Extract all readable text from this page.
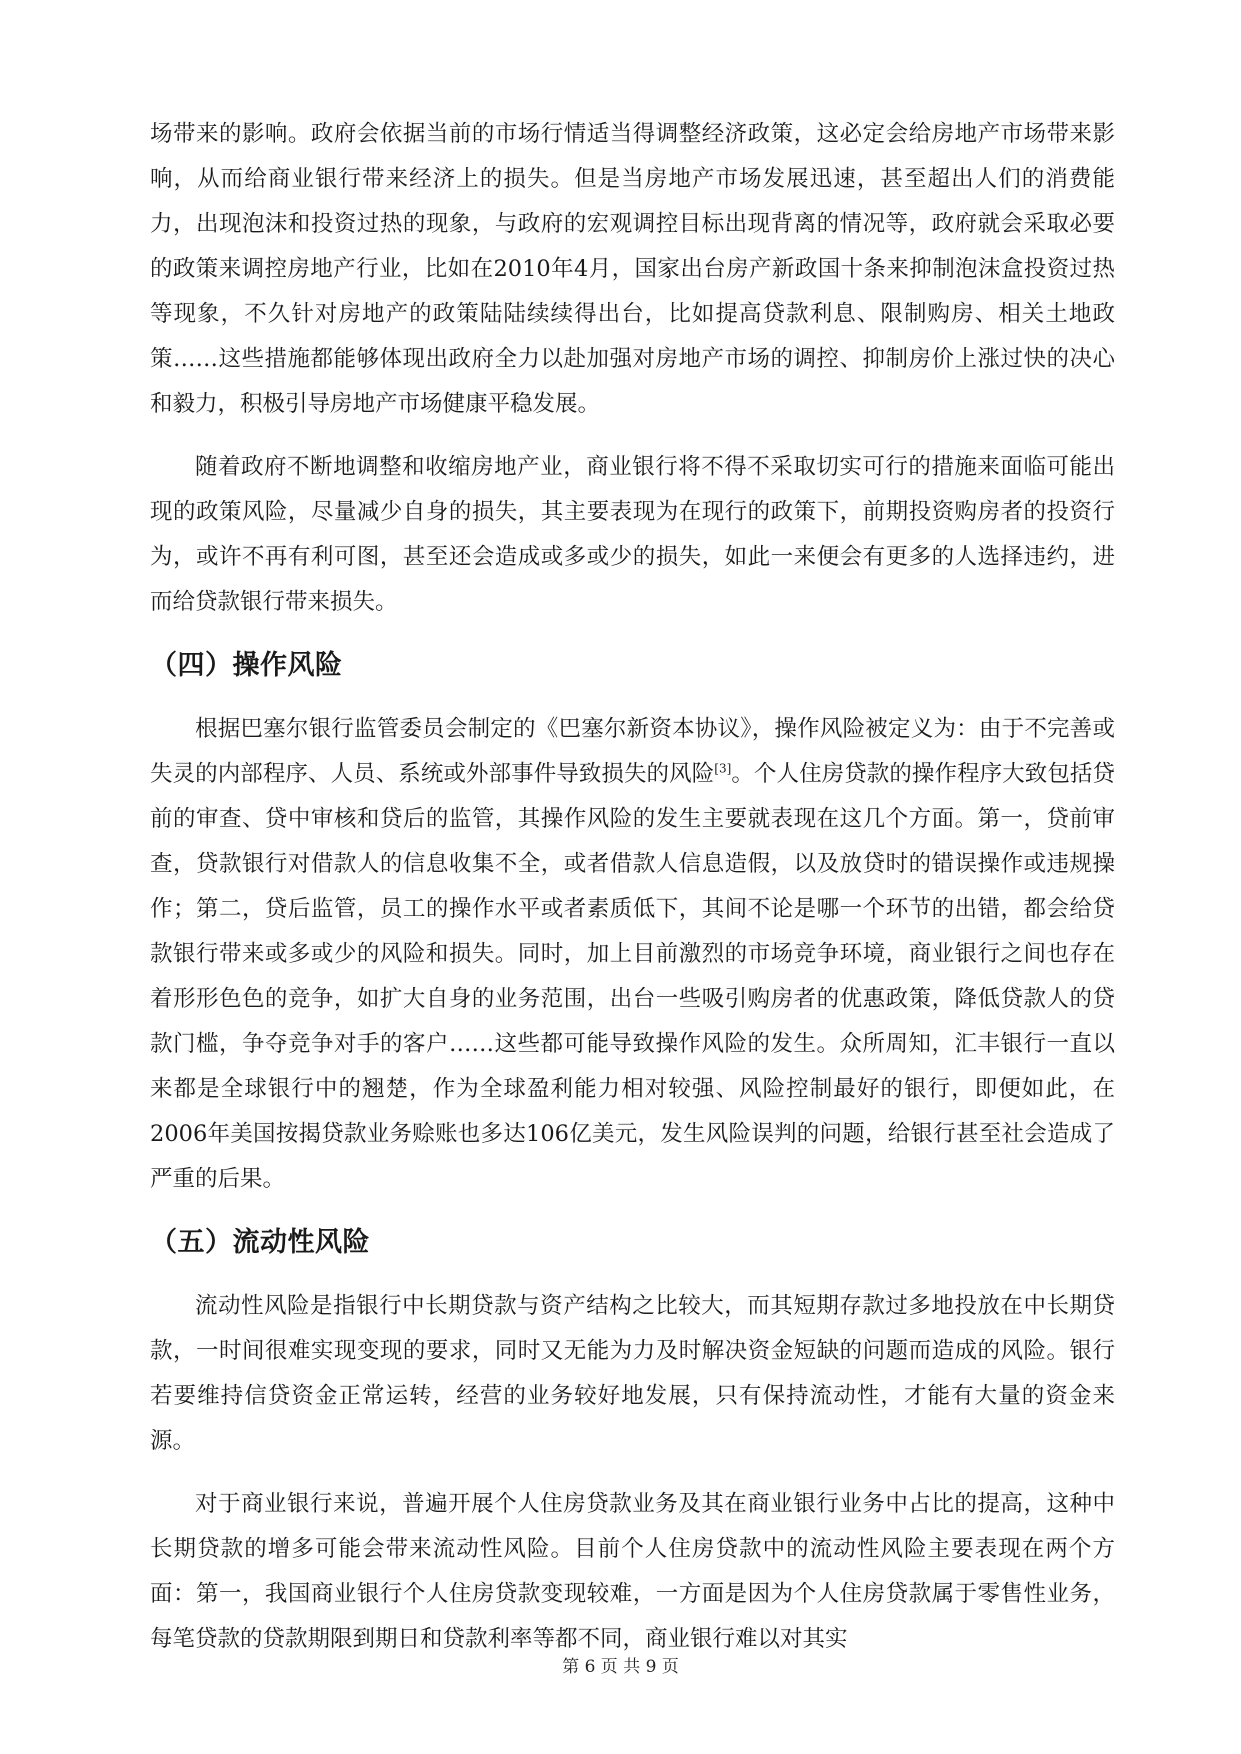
场带来的影响。政府会依据当前的市场行情适当得调整经济政策，这必定会给房地产市场带来影响，从而给商业银行带来经济上的损失。但是当房地产市场发展迅速，甚至超出人们的消费能力，出现泡沫和投资过热的现象，与政府的宏观调控目标出现背离的情况等，政府就会采取必要的政策来调控房地产行业，比如在2010年4月，国家出台房产新政国十条来抑制泡沫盒投资过热等现象，不久针对房地产的政策陆陆续续得出台，比如提高贷款利息、限制购房、相关土地政策……这些措施都能够体现出政府全力以赴加强对房地产市场的调控、抑制房价上涨过快的决心和毅力，积极引导房地产市场健康平稳发展。

随着政府不断地调整和收缩房地产业，商业银行将不得不采取切实可行的措施来面临可能出现的政策风险，尽量减少自身的损失，其主要表现为在现行的政策下，前期投资购房者的投资行为，或许不再有利可图，甚至还会造成或多或少的损失，如此一来便会有更多的人选择违约，进而给贷款银行带来损失。

（四）操作风险

根据巴塞尔银行监管委员会制定的《巴塞尔新资本协议》，操作风险被定义为：由于不完善或失灵的内部程序、人员、系统或外部事件导致损失的风险[3]。个人住房贷款的操作程序大致包括贷前的审查、贷中审核和贷后的监管，其操作风险的发生主要就表现在这几个方面。第一，贷前审查，贷款银行对借款人的信息收集不全，或者借款人信息造假，以及放贷时的错误操作或违规操作；第二，贷后监管，员工的操作水平或者素质低下，其间不论是哪一个环节的出错，都会给贷款银行带来或多或少的风险和损失。同时，加上目前激烈的市场竞争环境，商业银行之间也存在着形形色色的竞争，如扩大自身的业务范围，出台一些吸引购房者的优惠政策，降低贷款人的贷款门槛，争夺竞争对手的客户……这些都可能导致操作风险的发生。众所周知，汇丰银行一直以来都是全球银行中的翘楚，作为全球盈利能力相对较强、风险控制最好的银行，即便如此，在2006年美国按揭贷款业务赊账也多达106亿美元，发生风险误判的问题，给银行甚至社会造成了严重的后果。

（五）流动性风险

流动性风险是指银行中长期贷款与资产结构之比较大，而其短期存款过多地投放在中长期贷款，一时间很难实现变现的要求，同时又无能为力及时解决资金短缺的问题而造成的风险。银行若要维持信贷资金正常运转，经营的业务较好地发展，只有保持流动性，才能有大量的资金来源。

对于商业银行来说，普遍开展个人住房贷款业务及其在商业银行业务中占比的提高，这种中长期贷款的增多可能会带来流动性风险。目前个人住房贷款中的流动性风险主要表现在两个方面：第一，我国商业银行个人住房贷款变现较难，一方面是因为个人住房贷款属于零售性业务，每笔贷款的贷款期限到期日和贷款利率等都不同，商业银行难以对其实

第 6 页 共 9 页
